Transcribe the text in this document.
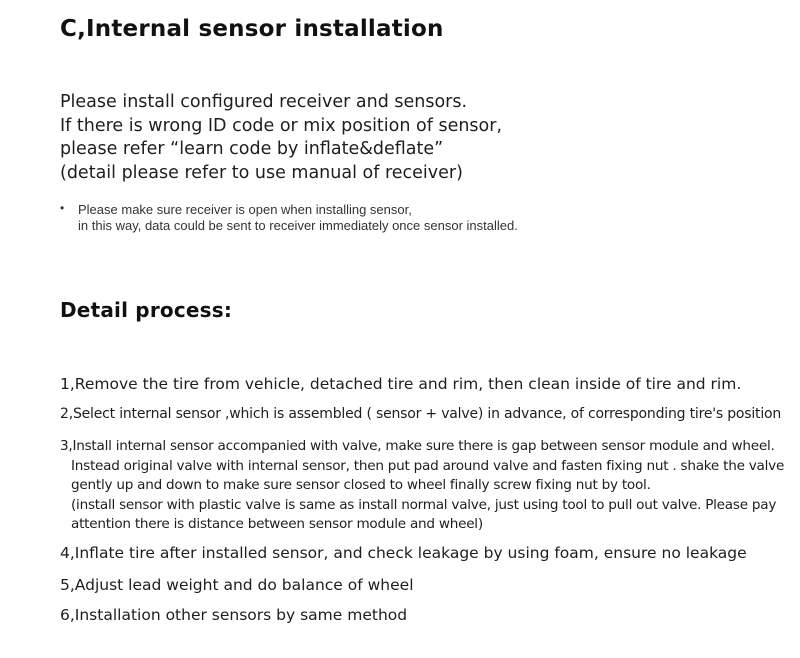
C,Internal sensor installation
Please install configured receiver and sensors.
If there is wrong ID code or mix position of sensor,
please refer “learn code by inflate&deflate”
(detail please refer to use manual of receiver)
• Please make sure receiver is open when installing sensor,
in this way, data could be sent to receiver immediately once sensor installed.
Detail process:
1,Remove the tire from vehicle, detached tire and rim, then clean inside of tire and rim.
2,Select internal sensor ,which is assembled ( sensor + valve) in advance, of corresponding tire's position
3,Install internal sensor accompanied with valve, make sure there is gap between sensor module and wheel.
Instead original valve with internal sensor, then put pad around valve and fasten fixing nut . shake the valve
gently up and down to make sure sensor closed to wheel finally screw fixing nut by tool.
(install sensor with plastic valve is same as install normal valve, just using tool to pull out valve. Please pay
attention there is distance between sensor module and wheel)
4,Inflate tire after installed sensor, and check leakage by using foam, ensure no leakage
5,Adjust lead weight and do balance of wheel
6,Installation other sensors by same method
